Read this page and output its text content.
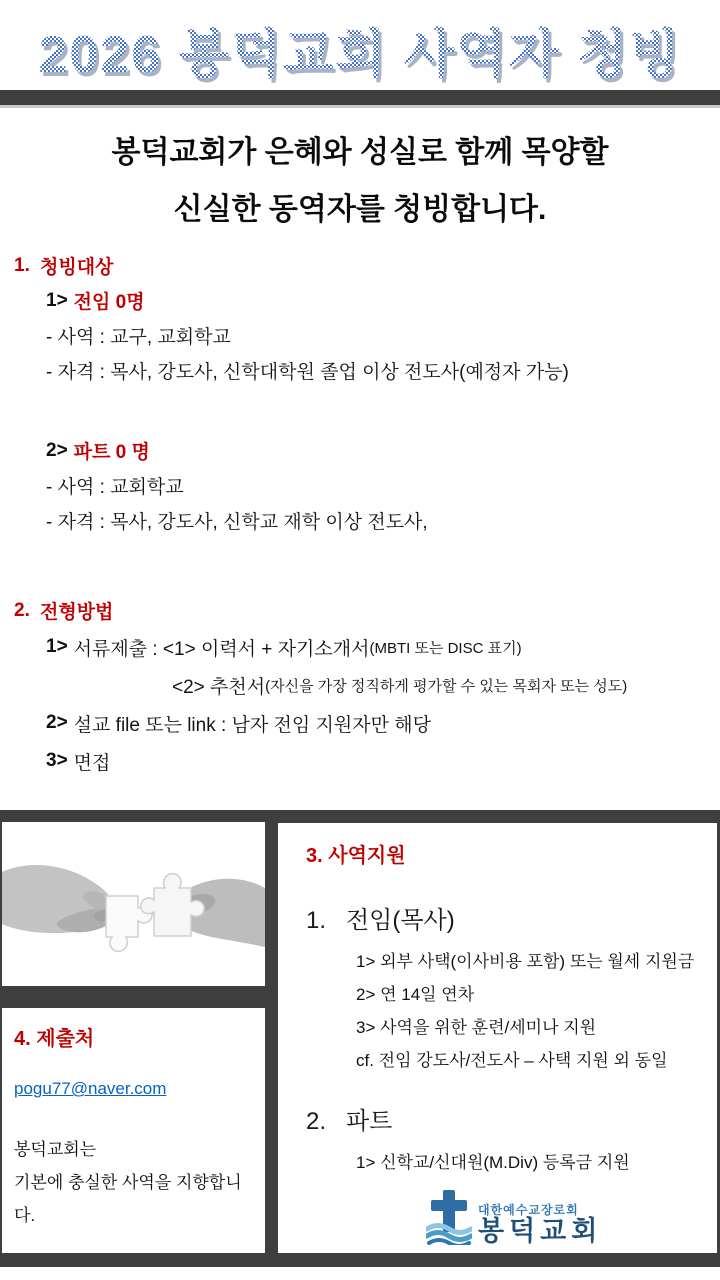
2026 봉덕교회 사역자 청빙
봉덕교회가 은혜와 성실로 함께 목양할
신실한 동역자를 청빙합니다.
1. 청빙대상
1> 전임 0명
- 사역 : 교구, 교회학교
- 자격 : 목사, 강도사, 신학대학원 졸업 이상 전도사(예정자 가능)
2> 파트 0 명
- 사역 : 교회학교
- 자격 : 목사, 강도사, 신학교 재학 이상 전도사,
2. 전형방법
1> 서류제출 : <1> 이력서 + 자기소개서 (MBTI 또는 DISC 표기)
<2> 추천서 (자신을 가장 정직하게 평가할 수 있는 목회자 또는 성도)
2> 설교 file 또는 link : 남자 전임 지원자만 해당
3> 면접

4. 제출처

pogu77@naver.com
봉덕교회는
기본에 충실한 사역을 지향합니다.

3. 사역지원

1. 전임(목사)
1> 외부 사택(이사비용 포함) 또는 월세 지원금
2> 연 14일 연차
3> 사역을 위한 훈련/세미나 지원
cf. 전임 강도사/전도사 – 사택 지원 외 동일
2. 파트
1> 신학교/신대원(M.Div) 등록금 지원
대한예수교장로회
봉덕교회
